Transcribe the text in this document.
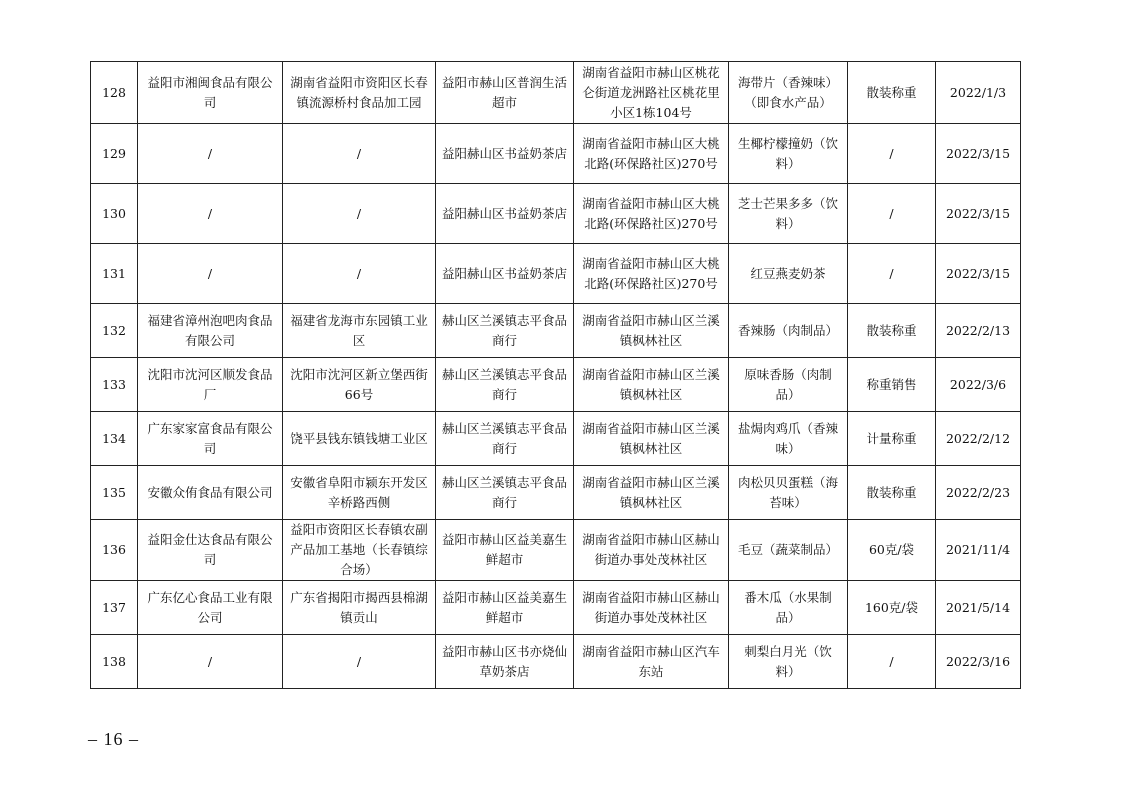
128	益阳市湘闽食品有限公司	湖南省益阳市资阳区长春镇流源桥村食品加工园	益阳市赫山区普润生活超市	湖南省益阳市赫山区桃花仑街道龙洲路社区桃花里小区1栋104号	海带片（香辣味）（即食水产品）	散装称重	2022/1/3
129	/	/	益阳赫山区书益奶茶店	湖南省益阳市赫山区大桃北路(环保路社区)270号	生椰柠檬撞奶（饮料）	/	2022/3/15
130	/	/	益阳赫山区书益奶茶店	湖南省益阳市赫山区大桃北路(环保路社区)270号	芝士芒果多多（饮料）	/	2022/3/15
131	/	/	益阳赫山区书益奶茶店	湖南省益阳市赫山区大桃北路(环保路社区)270号	红豆燕麦奶茶	/	2022/3/15
132	福建省漳州泡吧肉食品有限公司	福建省龙海市东园镇工业区	赫山区兰溪镇志平食品商行	湖南省益阳市赫山区兰溪镇枫林社区	香辣肠（肉制品）	散装称重	2022/2/13
133	沈阳市沈河区顺发食品厂	沈阳市沈河区新立堡西街66号	赫山区兰溪镇志平食品商行	湖南省益阳市赫山区兰溪镇枫林社区	原味香肠（肉制品）	称重销售	2022/3/6
134	广东家家富食品有限公司	饶平县钱东镇钱塘工业区	赫山区兰溪镇志平食品商行	湖南省益阳市赫山区兰溪镇枫林社区	盐焗肉鸡爪（香辣味）	计量称重	2022/2/12
135	安徽众侑食品有限公司	安徽省阜阳市颍东开发区辛桥路西侧	赫山区兰溪镇志平食品商行	湖南省益阳市赫山区兰溪镇枫林社区	肉松贝贝蛋糕（海苔味）	散装称重	2022/2/23
136	益阳金仕达食品有限公司	益阳市资阳区长春镇农副产品加工基地（长春镇综合场）	益阳市赫山区益美嘉生鲜超市	湖南省益阳市赫山区赫山街道办事处茂林社区	毛豆（蔬菜制品）	60克/袋	2021/11/4
137	广东亿心食品工业有限公司	广东省揭阳市揭西县棉湖镇贡山	益阳市赫山区益美嘉生鲜超市	湖南省益阳市赫山区赫山街道办事处茂林社区	番木瓜（水果制品）	160克/袋	2021/5/14
138	/	/	益阳市赫山区书亦烧仙草奶茶店	湖南省益阳市赫山区汽车东站	刺梨白月光（饮料）	/	2022/3/16
– 16 –
